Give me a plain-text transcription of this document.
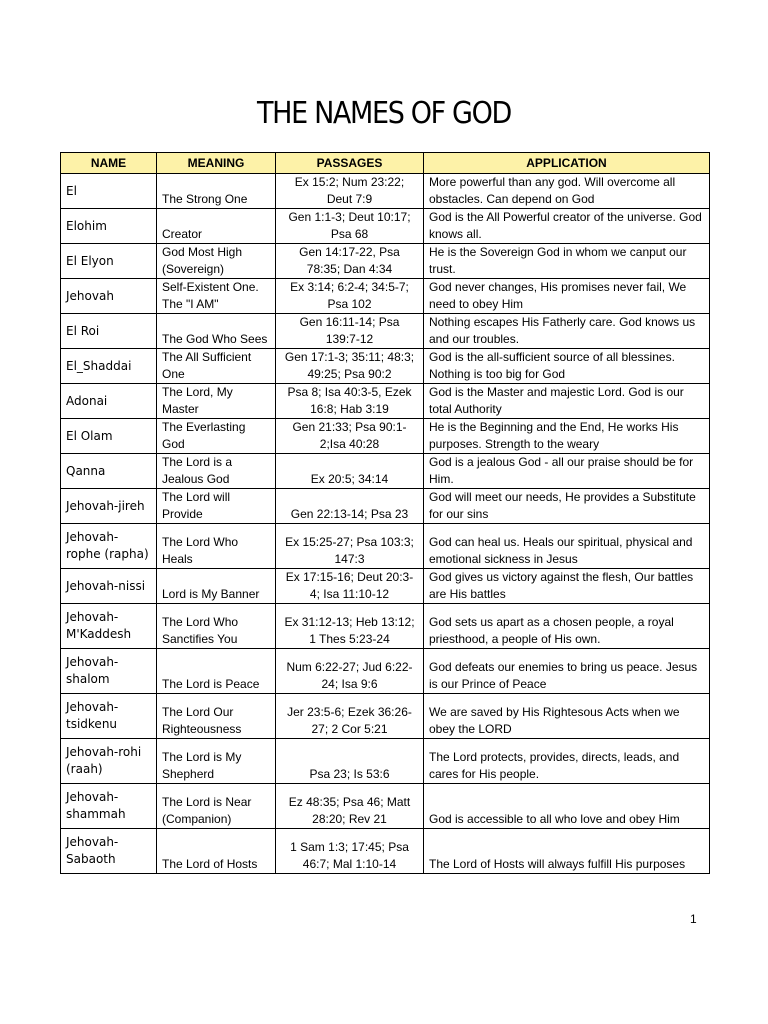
THE NAMES OF GOD
NAME	MEANING	PASSAGES	APPLICATION
El	The Strong One	Ex 15:2; Num 23:22; Deut 7:9	More powerful than any god. Will overcome all obstacles. Can depend on God
Elohim	Creator	Gen 1:1-3; Deut 10:17; Psa 68	God is the All Powerful creator of the universe. God knows all.
El Elyon	God Most High (Sovereign)	Gen 14:17-22, Psa 78:35; Dan 4:34	He is the Sovereign God in whom we canput our trust.
Jehovah	Self-Existent One. The "I AM"	Ex 3:14; 6:2-4; 34:5-7; Psa 102	God never changes, His promises never fail, We need to obey Him
El Roi	The God Who Sees	Gen 16:11-14; Psa 139:7-12	Nothing escapes His Fatherly care. God knows us and our troubles.
El_Shaddai	The All Sufficient One	Gen 17:1-3; 35:11; 48:3; 49:25; Psa 90:2	God is the all-sufficient source of all blessines. Nothing is too big for God
Adonai	The Lord, My Master	Psa 8; Isa 40:3-5, Ezek 16:8; Hab 3:19	God is the Master and majestic Lord. God is our total Authority
El Olam	The Everlasting God	Gen 21:33; Psa 90:1-2;Isa 40:28	He is the Beginning and the End, He works His purposes. Strength to the weary
Qanna	The Lord is a Jealous God	Ex 20:5; 34:14	God is a jealous God - all our praise should be for Him.
Jehovah-jireh	The Lord will Provide	Gen 22:13-14; Psa 23	God will meet our needs, He provides a Substitute for our sins
Jehovah-rophe (rapha)	The Lord Who Heals	Ex 15:25-27; Psa 103:3; 147:3	God can heal us. Heals our spiritual, physical and emotional sickness in Jesus
Jehovah-nissi	Lord is My Banner	Ex 17:15-16; Deut 20:3-4; Isa 11:10-12	God gives us victory against the flesh, Our battles are His battles
Jehovah-M'Kaddesh	The Lord Who Sanctifies You	Ex 31:12-13; Heb 13:12; 1 Thes 5:23-24	God sets us apart as a chosen people, a royal priesthood, a people of His own.
Jehovah-shalom	The Lord is Peace	Num 6:22-27; Jud 6:22-24; Isa 9:6	God defeats our enemies to bring us peace. Jesus is our Prince of Peace
Jehovah-tsidkenu	The Lord Our Righteousness	Jer 23:5-6; Ezek 36:26-27; 2 Cor 5:21	We are saved by His Rightesous Acts when we obey the LORD
Jehovah-rohi (raah)	The Lord is My Shepherd	Psa 23; Is 53:6	The Lord protects, provides, directs, leads, and cares for His people.
Jehovah-shammah	The Lord is Near (Companion)	Ez 48:35; Psa 46; Matt 28:20; Rev 21	God is accessible to all who love and obey Him
Jehovah-Sabaoth	The Lord of Hosts	1 Sam 1:3; 17:45; Psa 46:7; Mal 1:10-14	The Lord of Hosts will always fulfill His purposes
1
